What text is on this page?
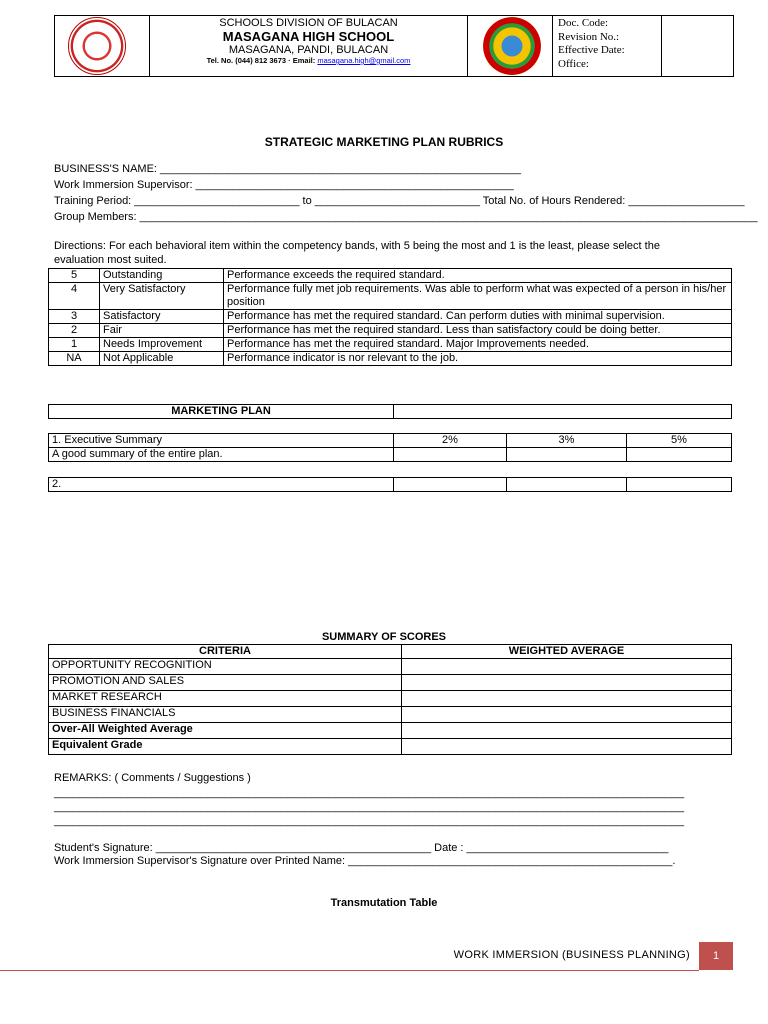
SCHOOLS DIVISION OF BULACAN
MASAGANA HIGH SCHOOL
MASAGANA, PANDI, BULACAN
Tel. No. (044) 812 3673 · Email: masagana.high@gmail.com
Doc. Code:
Revision No.:
Effective Date:
Office:
STRATEGIC MARKETING PLAN RUBRICS
BUSINESS'S NAME: ___________________________________________________________
Work Immersion Supervisor: ____________________________________________________
Training Period: ___________________________ to ___________________________ Total No. of Hours Rendered: ___________________
Group Members: _____________________________________________________________________________________________________
Directions: For each behavioral item within the competency bands, with 5 being the most and 1 is the least, please select the evaluation most suited.
5	Outstanding	Performance exceeds the required standard.
4	Very Satisfactory	Performance fully met job requirements. Was able to perform what was expected of a person in his/her position
3	Satisfactory	Performance has met the required standard. Can perform duties with minimal supervision.
2	Fair	Performance has met the required standard. Less than satisfactory could be doing better.
1	Needs Improvement	Performance has met the required standard. Major Improvements needed.
NA	Not Applicable	Performance indicator is nor relevant to the job.
MARKETING PLAN	
1. Executive Summary	2%	3%	5%
A good summary of the entire plan.			
2.			
SUMMARY OF SCORES
CRITERIA	WEIGHTED AVERAGE
OPPORTUNITY RECOGNITION	
PROMOTION AND SALES	
MARKET RESEARCH	
BUSINESS FINANCIALS	
Over-All Weighted Average	
Equivalent Grade	
REMARKS: ( Comments / Suggestions )
_______________________________________________________________________________________________________
_______________________________________________________________________________________________________
_______________________________________________________________________________________________________
Student's Signature: _____________________________________________ Date : _________________________________
Work Immersion Supervisor's Signature over Printed Name: _____________________________________________________.
Transmutation Table
WORK IMMERSION (BUSINESS PLANNING)	1
